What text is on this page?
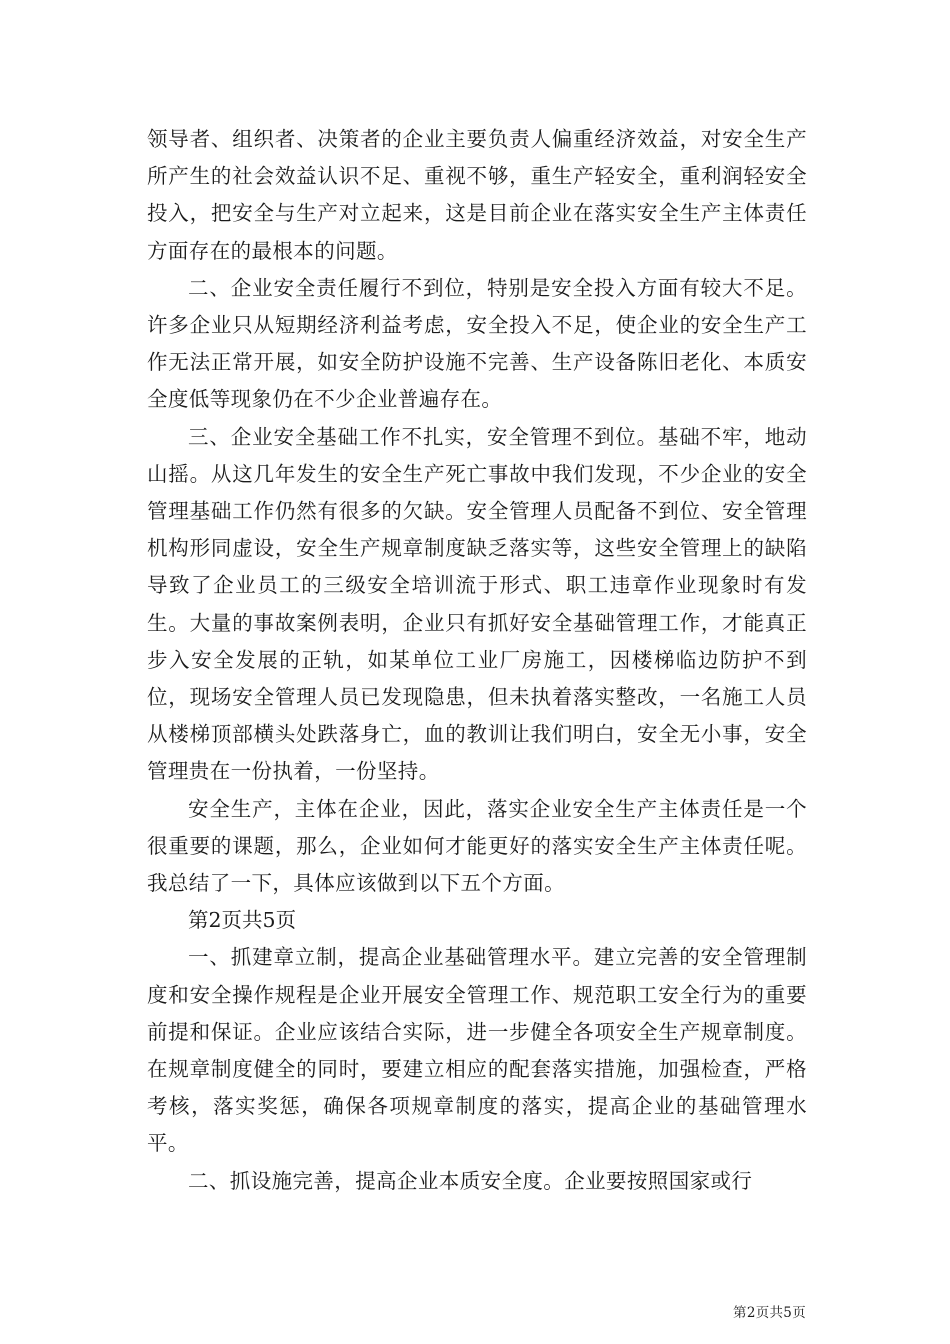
领导者、组织者、决策者的企业主要负责人偏重经济效益，对安全生产所产生的社会效益认识不足、重视不够，重生产轻安全，重利润轻安全投入，把安全与生产对立起来，这是目前企业在落实安全生产主体责任方面存在的最根本的问题。

二、企业安全责任履行不到位，特别是安全投入方面有较大不足。许多企业只从短期经济利益考虑，安全投入不足，使企业的安全生产工作无法正常开展，如安全防护设施不完善、生产设备陈旧老化、本质安全度低等现象仍在不少企业普遍存在。

三、企业安全基础工作不扎实，安全管理不到位。基础不牢，地动山摇。从这几年发生的安全生产死亡事故中我们发现，不少企业的安全管理基础工作仍然有很多的欠缺。安全管理人员配备不到位、安全管理机构形同虚设，安全生产规章制度缺乏落实等，这些安全管理上的缺陷导致了企业员工的三级安全培训流于形式、职工违章作业现象时有发生。大量的事故案例表明，企业只有抓好安全基础管理工作，才能真正步入安全发展的正轨，如某单位工业厂房施工，因楼梯临边防护不到位，现场安全管理人员已发现隐患，但未执着落实整改，一名施工人员从楼梯顶部横头处跌落身亡，血的教训让我们明白，安全无小事，安全管理贵在一份执着，一份坚持。

安全生产，主体在企业，因此，落实企业安全生产主体责任是一个很重要的课题，那么，企业如何才能更好的落实安全生产主体责任呢。我总结了一下，具体应该做到以下五个方面。

第2页共5页

一、抓建章立制，提高企业基础管理水平。建立完善的安全管理制度和安全操作规程是企业开展安全管理工作、规范职工安全行为的重要前提和保证。企业应该结合实际，进一步健全各项安全生产规章制度。在规章制度健全的同时，要建立相应的配套落实措施，加强检查，严格考核，落实奖惩，确保各项规章制度的落实，提高企业的基础管理水平。

二、抓设施完善，提高企业本质安全度。企业要按照国家或行

第2页共5页
